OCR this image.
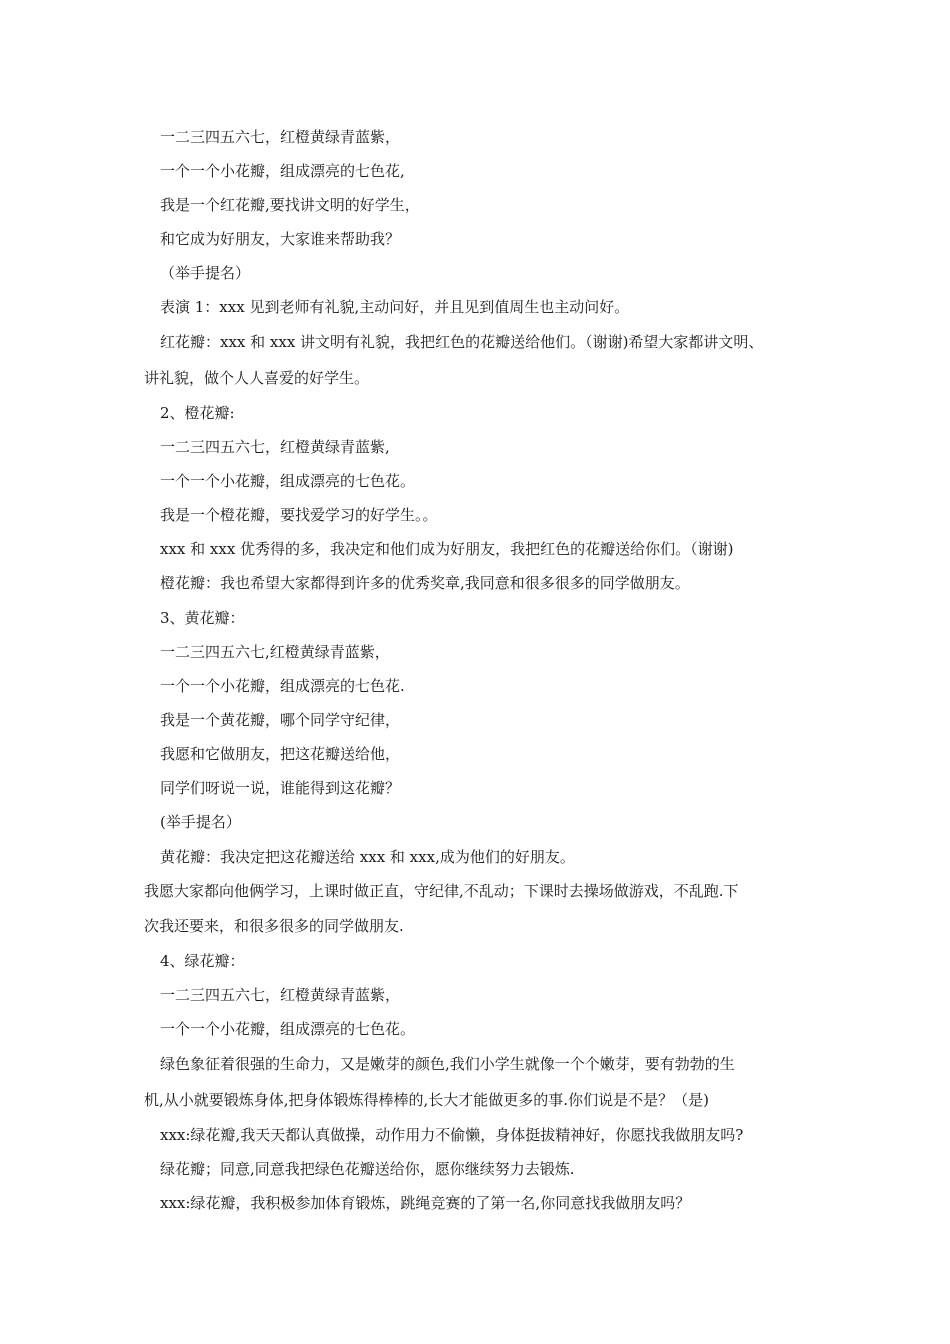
一二三四五六七，红橙黄绿青蓝紫，
一个一个小花瓣，组成漂亮的七色花,
我是一个红花瓣,要找讲文明的好学生，
和它成为好朋友，大家谁来帮助我？
（举手提名）
表演 1：xxx 见到老师有礼貌,主动问好，并且见到值周生也主动问好。
红花瓣：xxx 和 xxx 讲文明有礼貌，我把红色的花瓣送给他们。（谢谢)希望大家都讲文明、
讲礼貌，做个人人喜爱的好学生。
2、橙花瓣:
一二三四五六七，红橙黄绿青蓝紫,
一个一个小花瓣，组成漂亮的七色花。
我是一个橙花瓣，要找爱学习的好学生。。
xxx 和 xxx 优秀得的多，我决定和他们成为好朋友，我把红色的花瓣送给你们。（谢谢)
橙花瓣：我也希望大家都得到许多的优秀奖章,我同意和很多很多的同学做朋友。
3、黄花瓣：
一二三四五六七,红橙黄绿青蓝紫，
一个一个小花瓣，组成漂亮的七色花.
我是一个黄花瓣，哪个同学守纪律，
我愿和它做朋友，把这花瓣送给他，
同学们呀说一说，谁能得到这花瓣？
(举手提名）
黄花瓣：我决定把这花瓣送给 xxx 和 xxx,成为他们的好朋友。
我愿大家都向他俩学习，上课时做正直，守纪律,不乱动；下课时去操场做游戏，不乱跑.下
次我还要来，和很多很多的同学做朋友.
4、绿花瓣：
一二三四五六七，红橙黄绿青蓝紫，
一个一个小花瓣，组成漂亮的七色花。
绿色象征着很强的生命力，又是嫩芽的颜色,我们小学生就像一个个嫩芽，要有勃勃的生
机,从小就要锻炼身体,把身体锻炼得棒棒的,长大才能做更多的事.你们说是不是？（是)
xxx:绿花瓣,我天天都认真做操，动作用力不偷懒，身体挺拔精神好，你愿找我做朋友吗?
绿花瓣；同意,同意我把绿色花瓣送给你，愿你继续努力去锻炼.
xxx:绿花瓣，我积极参加体育锻炼，跳绳竞赛的了第一名,你同意找我做朋友吗？
